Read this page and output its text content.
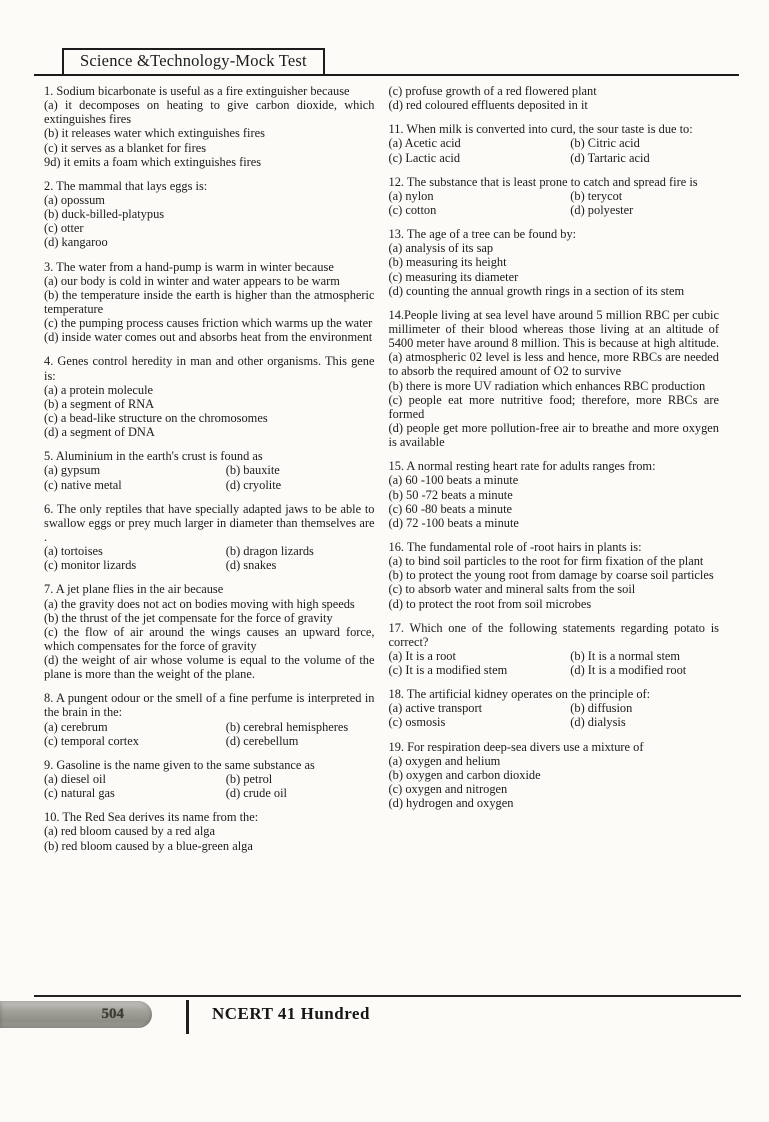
Science &Technology-Mock Test

1. Sodium bicarbonate is useful as a fire extinguisher because

(a) it decomposes on heating to give carbon dioxide, which extinguishes fires
(b) it releases water which extinguishes fires
(c) it serves as a blanket for fires
9d) it emits a foam which extinguishes fires

2. The mammal that lays eggs is:

(a) opossum
(b) duck-billed-platypus
(c) otter
(d) kangaroo

3. The water from a hand-pump is warm in winter because

(a) our body is cold in winter and water appears to be warm
(b) the temperature inside the earth is higher than the atmospheric temperature
(c) the pumping process causes friction which warms up the water
(d) inside water comes out and absorbs heat from the environment

4. Genes control heredity in man and other organisms. This gene is:

(a) a protein molecule
(b) a segment of RNA
(c) a bead-like structure on the chromosomes
(d) a segment of DNA

5. Aluminium in the earth's crust is found as

(a) gypsum	(b) bauxite
(c) native metal	(d) cryolite

6. The only reptiles that have specially adapted jaws to be able to swallow eggs or prey much larger in diameter than themselves are .

(a) tortoises	(b) dragon lizards
(c) monitor lizards	(d) snakes

7. A jet plane flies in the air because

(a) the gravity does not act on bodies moving with high speeds
(b) the thrust of the jet compensate for the force of gravity
(c) the flow of air around the wings causes an upward force, which compensates for the force of gravity
(d) the weight of air whose volume is equal to the volume of the plane is more than the weight of the plane.

8. A pungent odour or the smell of a fine perfume is interpreted in the brain in the:

(a) cerebrum	(b) cerebral hemispheres
(c) temporal cortex	(d) cerebellum

9. Gasoline is the name given to the same substance as

(a) diesel oil	(b) petrol
(c) natural gas	(d) crude oil

10. The Red Sea derives its name from the:

(a) red bloom caused by a red alga
(b) red bloom caused by a blue-green alga
(c) profuse growth of a red flowered plant
(d) red coloured effluents deposited in it

11. When milk is converted into curd, the sour taste is due to:

(a) Acetic acid	(b) Citric acid
(c) Lactic acid	(d) Tartaric acid

12. The substance that is least prone to catch and spread fire is

(a) nylon	(b) terycot
(c) cotton	(d) polyester

13. The age of a tree can be found by:

(a) analysis of its sap
(b) measuring its height
(c) measuring its diameter
(d) counting the annual growth rings in a section of its stem

14.People living at sea level have around 5 million RBC per cubic millimeter of their blood whereas those living at an altitude of 5400 meter have around 8 million. This is because at high altitude.

(a) atmospheric 02 level is less and hence, more RBCs are needed to absorb the required amount of O2 to survive
(b) there is more UV radiation which enhances RBC production
(c) people eat more nutritive food; therefore, more RBCs are formed
(d) people get more pollution-free air to breathe and more oxygen is available

15. A normal resting heart rate for adults ranges from:

(a) 60 -100 beats a minute
(b) 50 -72 beats a minute
(c) 60 -80 beats a minute
(d) 72 -100 beats a minute

16. The fundamental role of -root hairs in plants is:

(a) to bind soil particles to the root for firm fixation of the plant
(b) to protect the young root from damage by coarse soil particles
(c) to absorb water and mineral salts from the soil
(d) to protect the root from soil microbes

17. Which one of the following statements regarding potato is correct?

(a) It is a root	(b) It is a normal stem
(c) It is a modified stem	(d) It is a modified root

18. The artificial kidney operates on the principle of:

(a) active transport	(b) diffusion
(c) osmosis	(d) dialysis

19. For respiration deep-sea divers use a mixture of

(a) oxygen and helium
(b) oxygen and carbon dioxide
(c) oxygen and nitrogen
(d) hydrogen and oxygen
504	NCERT 41 Hundred
